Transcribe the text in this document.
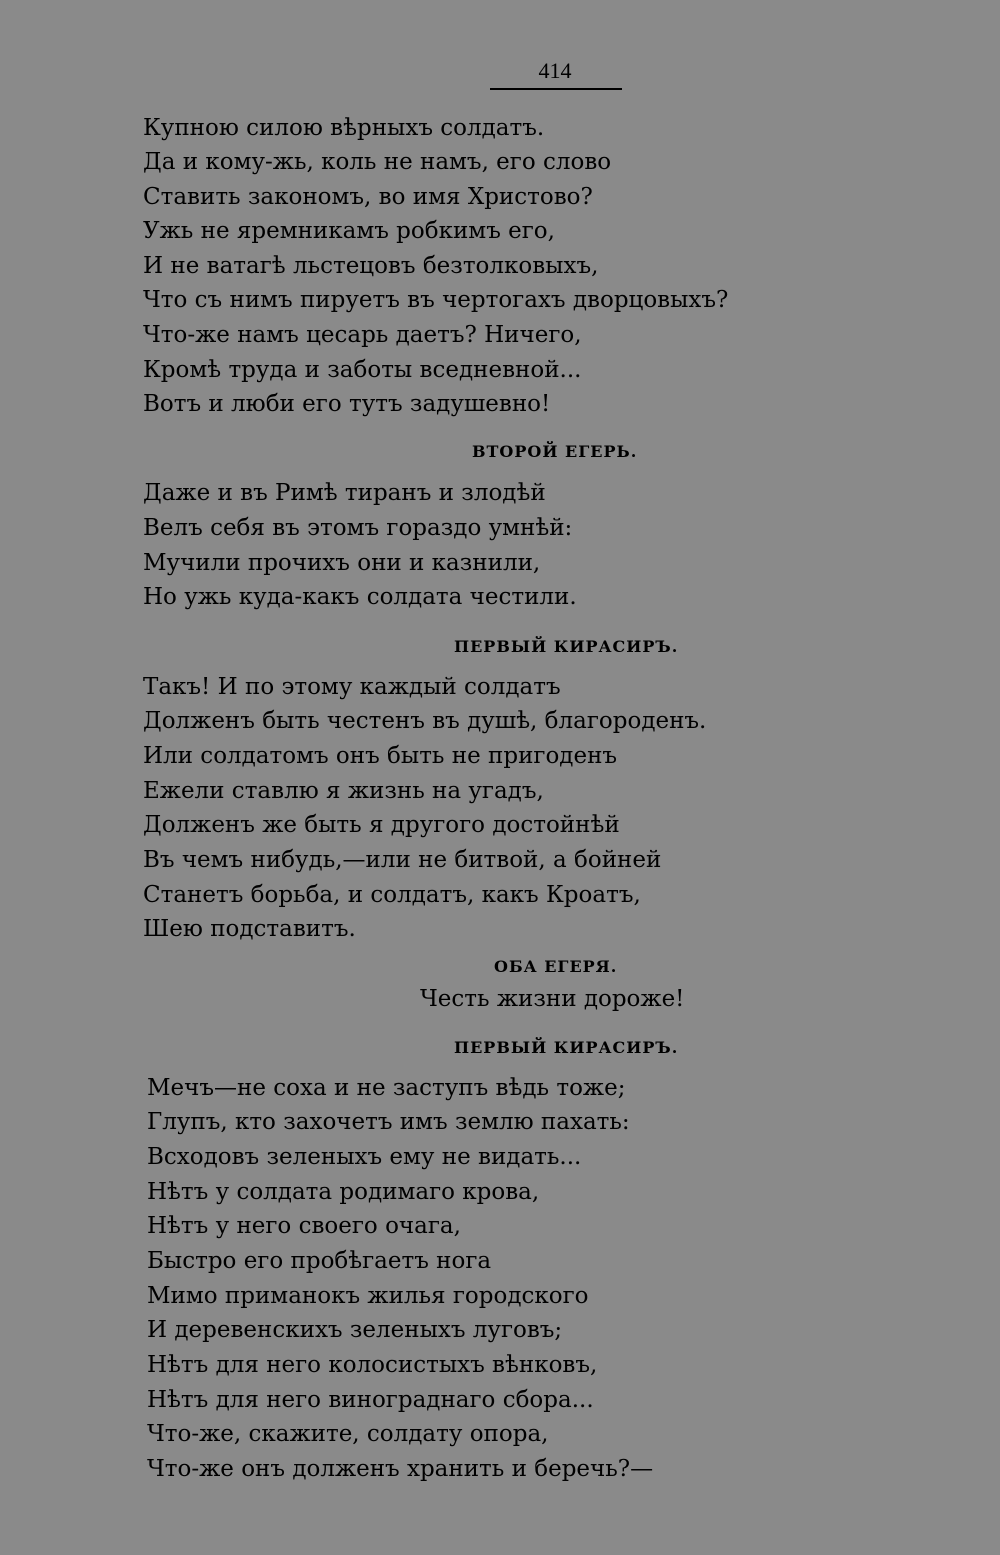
414
Купною силою вѣрныхъ солдатъ.
Да и кому-жь, коль не намъ, его слово
Ставить закономъ, во имя Христово?
Ужь не яремникамъ робкимъ его,
И не ватагѣ льстецовъ безтолковыхъ,
Что съ нимъ пируетъ въ чертогахъ дворцовыхъ?
Что-же намъ цесарь даетъ? Ничего,
Кромѣ труда и заботы вседневной...
Вотъ и люби его тутъ задушевно!
ВТОРОЙ ЕГЕРЬ.
Даже и въ Римѣ тиранъ и злодѣй
Велъ себя въ этомъ гораздо умнѣй:
Мучили прочихъ они и казнили,
Но ужь куда-какъ солдата честили.
ПЕРВЫЙ КИРАСИРЪ.
Такъ! И по этому каждый солдатъ
Долженъ быть честенъ въ душѣ, благороденъ.
Или солдатомъ онъ быть не пригоденъ
Ежели ставлю я жизнь на угадъ,
Долженъ же быть я другого достойнѣй
Въ чемъ нибудь,—или не битвой, а бойней
Станетъ борьба, и солдатъ, какъ Кроатъ,
Шею подставитъ.
ОБА ЕГЕРЯ.
Честь жизни дороже!
ПЕРВЫЙ КИРАСИРЪ.
Мечъ—не соха и не заступъ вѣдь тоже;
Глупъ, кто захочетъ имъ землю пахать:
Всходовъ зеленыхъ ему не видать...
Нѣтъ у солдата родимаго крова,
Нѣтъ у него своего очага,
Быстро его пробѣгаетъ нога
Мимо приманокъ жилья городского
И деревенскихъ зеленыхъ луговъ;
Нѣтъ для него колосистыхъ вѣнковъ,
Нѣтъ для него винограднаго сбора...
Что-же, скажите, солдату опора,
Что-же онъ долженъ хранить и беречь?—
